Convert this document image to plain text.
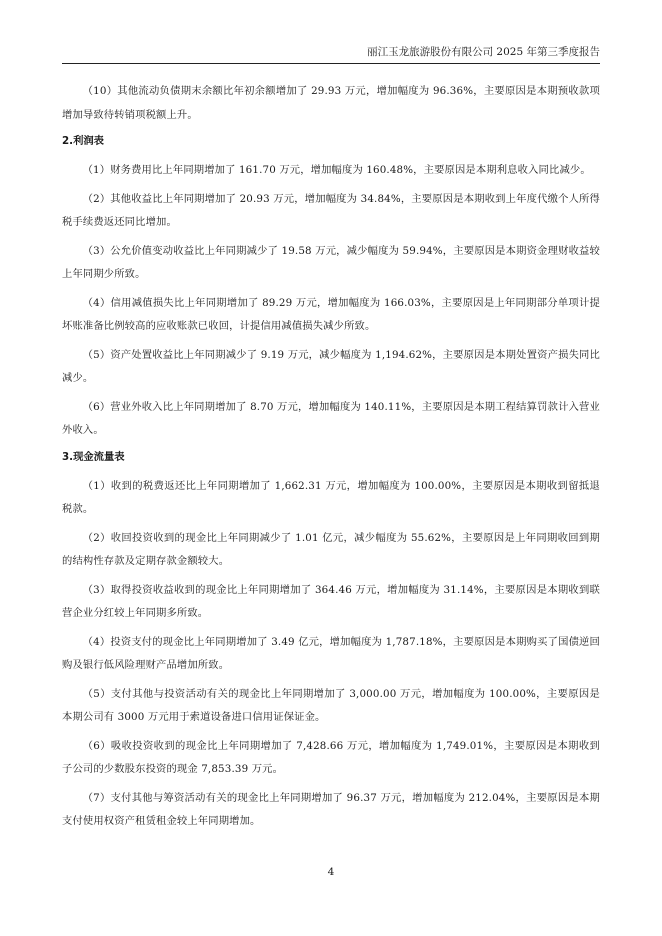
丽江玉龙旅游股份有限公司 2025 年第三季度报告

（10）其他流动负债期末余额比年初余额增加了 29.93 万元，增加幅度为 96.36%，主要原因是本期预收款项增加导致待转销项税额上升。

2.利润表

（1）财务费用比上年同期增加了 161.70 万元，增加幅度为 160.48%，主要原因是本期利息收入同比减少。

（2）其他收益比上年同期增加了 20.93 万元，增加幅度为 34.84%，主要原因是本期收到上年度代缴个人所得税手续费返还同比增加。

（3）公允价值变动收益比上年同期减少了 19.58 万元，减少幅度为 59.94%，主要原因是本期资金理财收益较上年同期少所致。

（4）信用减值损失比上年同期增加了 89.29 万元，增加幅度为 166.03%，主要原因是上年同期部分单项计提坏账准备比例较高的应收账款已收回，计提信用减值损失减少所致。

（5）资产处置收益比上年同期减少了 9.19 万元，减少幅度为 1,194.62%，主要原因是本期处置资产损失同比减少。

（6）营业外收入比上年同期增加了 8.70 万元，增加幅度为 140.11%，主要原因是本期工程结算罚款计入营业外收入。

3.现金流量表

（1）收到的税费返还比上年同期增加了 1,662.31 万元，增加幅度为 100.00%，主要原因是本期收到留抵退税款。

（2）收回投资收到的现金比上年同期减少了 1.01 亿元，减少幅度为 55.62%，主要原因是上年同期收回到期的结构性存款及定期存款金额较大。

（3）取得投资收益收到的现金比上年同期增加了 364.46 万元，增加幅度为 31.14%，主要原因是本期收到联营企业分红较上年同期多所致。

（4）投资支付的现金比上年同期增加了 3.49 亿元，增加幅度为 1,787.18%，主要原因是本期购买了国债逆回购及银行低风险理财产品增加所致。

（5）支付其他与投资活动有关的现金比上年同期增加了 3,000.00 万元，增加幅度为 100.00%，主要原因是本期公司有 3000 万元用于索道设备进口信用证保证金。

（6）吸收投资收到的现金比上年同期增加了 7,428.66 万元，增加幅度为 1,749.01%，主要原因是本期收到子公司的少数股东投资的现金 7,853.39 万元。

（7）支付其他与筹资活动有关的现金比上年同期增加了 96.37 万元，增加幅度为 212.04%，主要原因是本期支付使用权资产租赁租金较上年同期增加。

4
